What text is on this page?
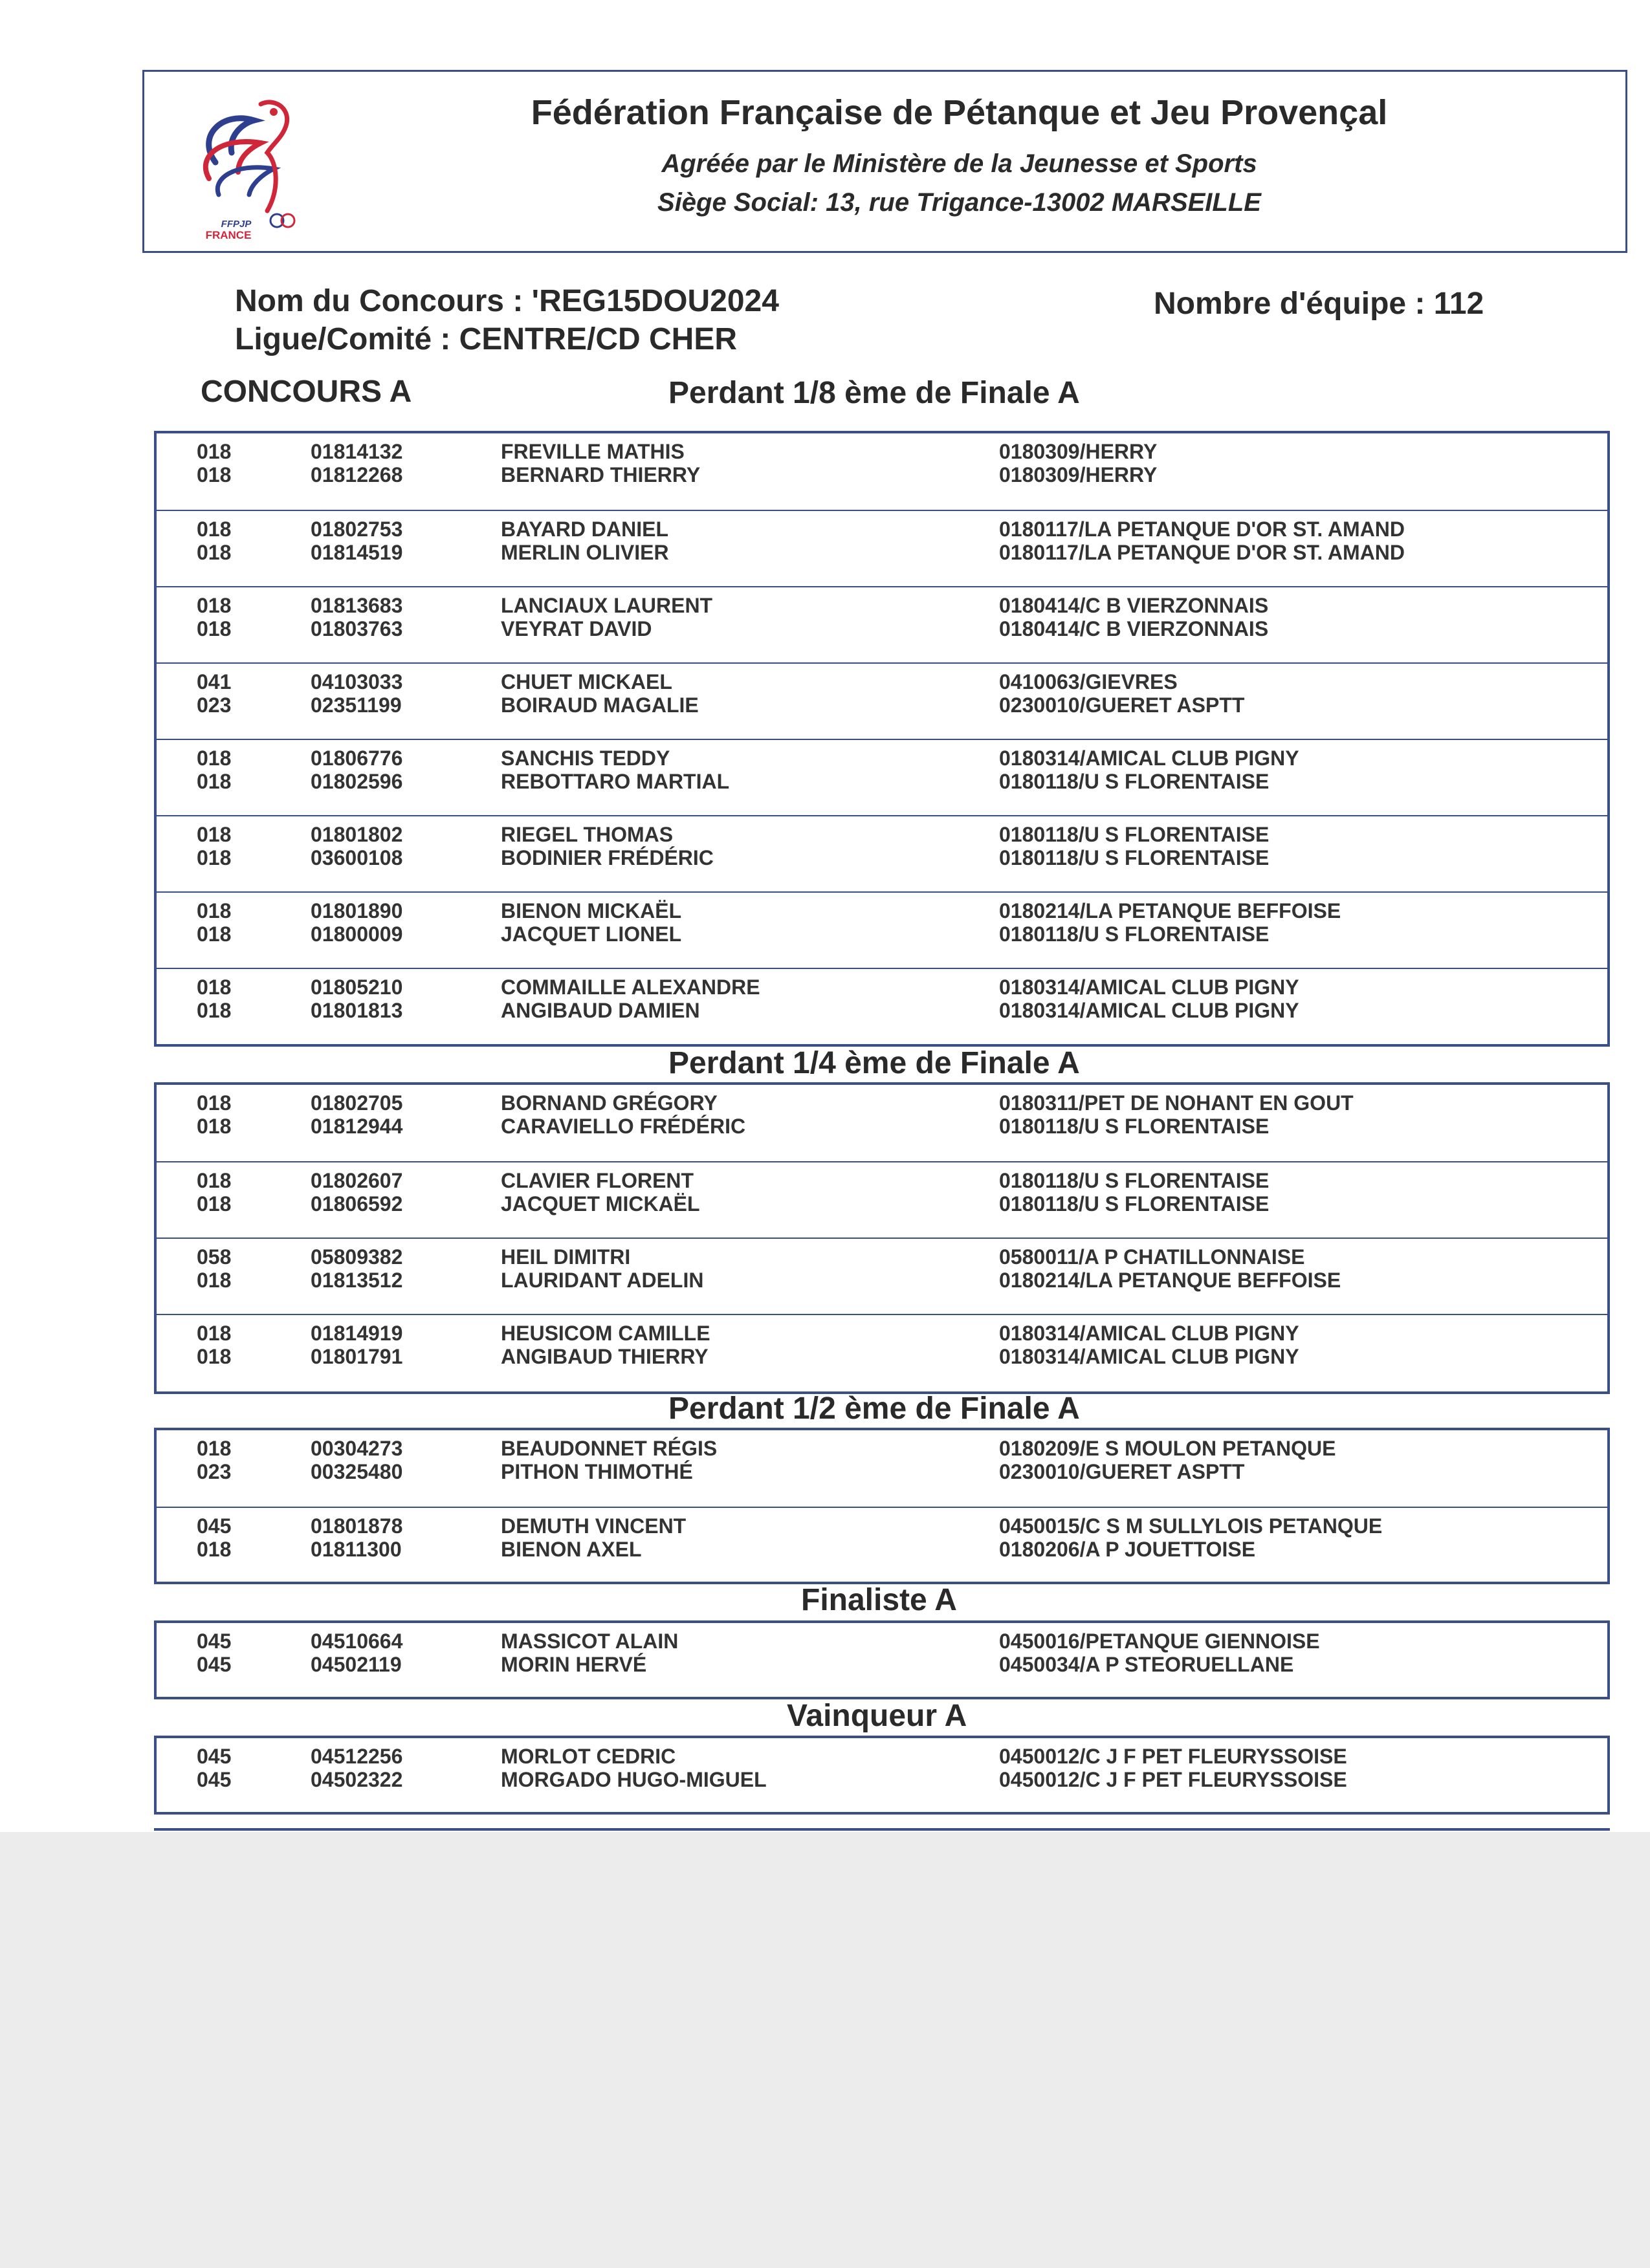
FFPJP
FRANCE
Fédération Française de Pétanque et Jeu Provençal
Agréée par le Ministère de la Jeunesse et Sports
Siège Social: 13, rue Trigance-13002 MARSEILLE
Nom du Concours : 'REG15DOU2024
Ligue/Comité : CENTRE/CD CHER
Nombre d'équipe : 112
CONCOURS A	Perdant 1/8 ème de Finale A
018	01814132	FREVILLE MATHIS	0180309/HERRY
018	01812268	BERNARD THIERRY	0180309/HERRY
018	01802753	BAYARD DANIEL	0180117/LA PETANQUE D'OR ST. AMAND
018	01814519	MERLIN OLIVIER	0180117/LA PETANQUE D'OR ST. AMAND
018	01813683	LANCIAUX LAURENT	0180414/C B VIERZONNAIS
018	01803763	VEYRAT DAVID	0180414/C B VIERZONNAIS
041	04103033	CHUET MICKAEL	0410063/GIEVRES
023	02351199	BOIRAUD MAGALIE	0230010/GUERET ASPTT
018	01806776	SANCHIS TEDDY	0180314/AMICAL CLUB PIGNY
018	01802596	REBOTTARO MARTIAL	0180118/U S FLORENTAISE
018	01801802	RIEGEL THOMAS	0180118/U S FLORENTAISE
018	03600108	BODINIER FRÉDÉRIC	0180118/U S FLORENTAISE
018	01801890	BIENON MICKAËL	0180214/LA PETANQUE BEFFOISE
018	01800009	JACQUET LIONEL	0180118/U S FLORENTAISE
018	01805210	COMMAILLE ALEXANDRE	0180314/AMICAL CLUB PIGNY
018	01801813	ANGIBAUD DAMIEN	0180314/AMICAL CLUB PIGNY
Perdant 1/4 ème de Finale A
018	01802705	BORNAND GRÉGORY	0180311/PET DE NOHANT EN GOUT
018	01812944	CARAVIELLO FRÉDÉRIC	0180118/U S FLORENTAISE
018	01802607	CLAVIER FLORENT	0180118/U S FLORENTAISE
018	01806592	JACQUET MICKAËL	0180118/U S FLORENTAISE
058	05809382	HEIL DIMITRI	0580011/A P CHATILLONNAISE
018	01813512	LAURIDANT ADELIN	0180214/LA PETANQUE BEFFOISE
018	01814919	HEUSICOM CAMILLE	0180314/AMICAL CLUB PIGNY
018	01801791	ANGIBAUD THIERRY	0180314/AMICAL CLUB PIGNY
Perdant 1/2 ème de Finale A
018	00304273	BEAUDONNET RÉGIS	0180209/E S MOULON PETANQUE
023	00325480	PITHON THIMOTHÉ	0230010/GUERET ASPTT
045	01801878	DEMUTH VINCENT	0450015/C S M SULLYLOIS PETANQUE
018	01811300	BIENON AXEL	0180206/A P JOUETTOISE
Finaliste A
045	04510664	MASSICOT ALAIN	0450016/PETANQUE GIENNOISE
045	04502119	MORIN HERVÉ	0450034/A P STEORUELLANE
Vainqueur A
045	04512256	MORLOT CEDRIC	0450012/C J F PET FLEURYSSOISE
045	04502322	MORGADO HUGO-MIGUEL	0450012/C J F PET FLEURYSSOISE
